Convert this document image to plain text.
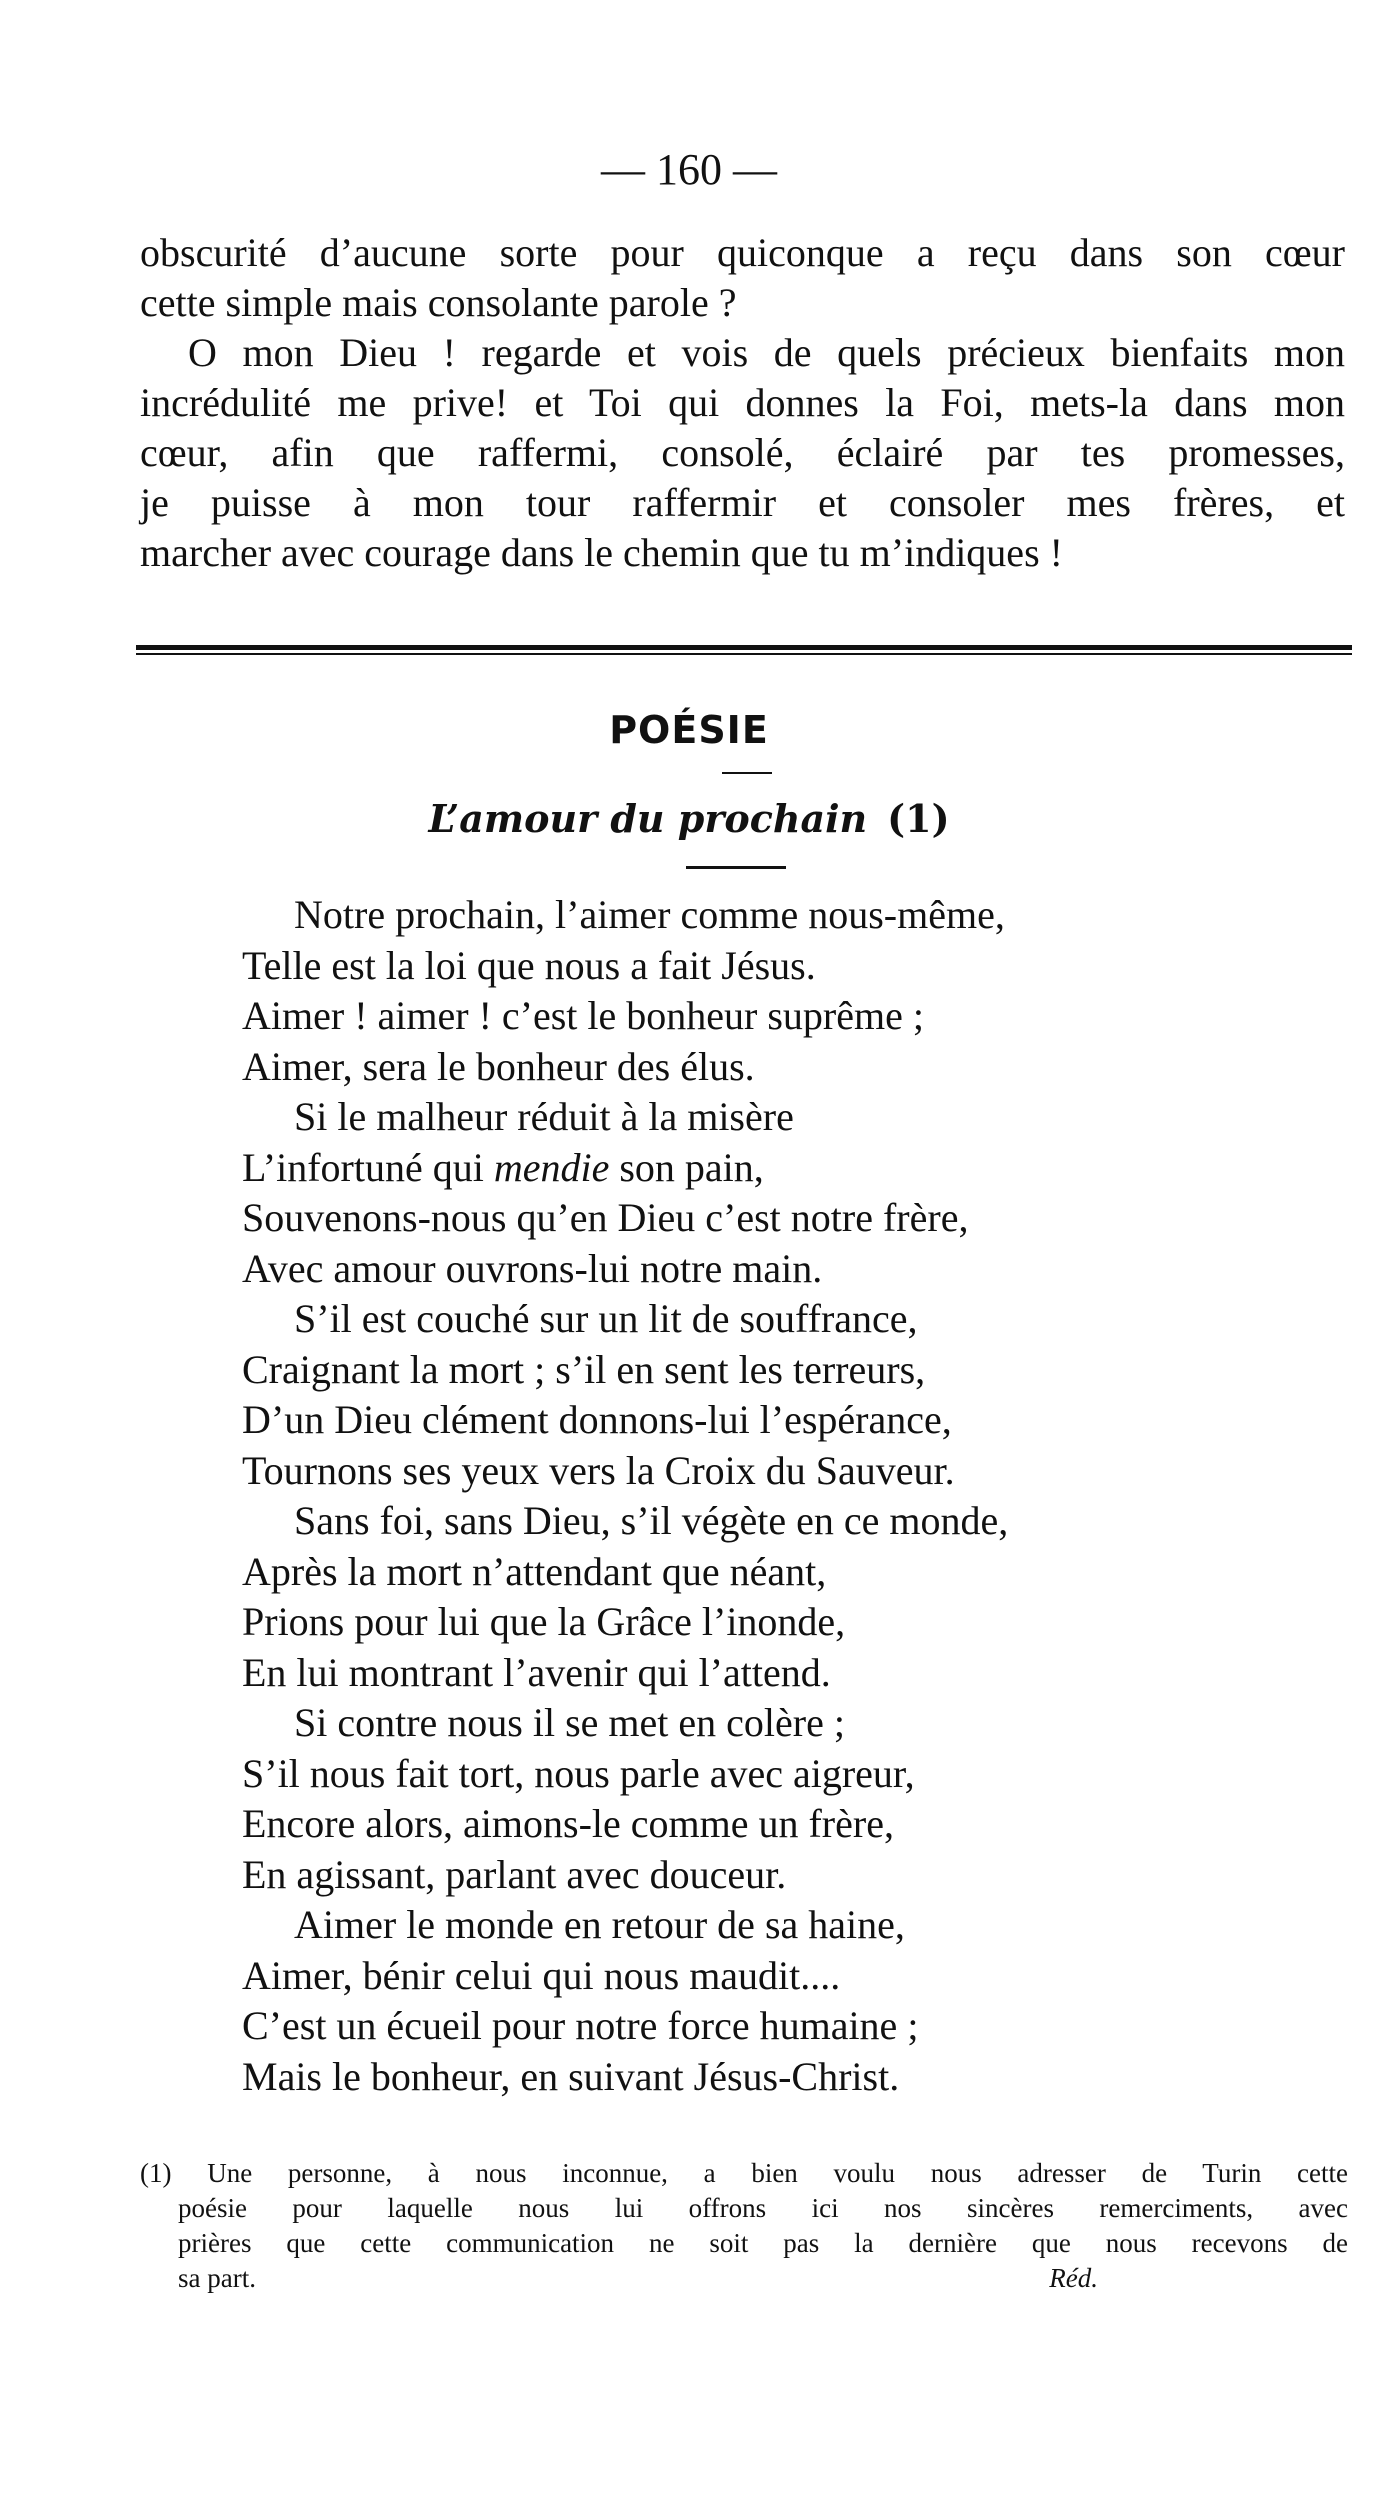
— 160 —

obscurité d’aucune sorte pour quiconque a reçu dans son cœur
cette simple mais consolante parole ?

O mon Dieu ! regarde et vois de quels précieux bienfaits mon
incrédulité me prive! et Toi qui donnes la Foi, mets-la dans mon
cœur, afin que raffermi, consolé, éclairé par tes promesses,
je puisse à mon tour raffermir et consoler mes frères, et
marcher avec courage dans le chemin que tu m’indiques !

POÉSIE
L’amour du prochain (1)
Notre prochain, l’aimer comme nous-même,
Telle est la loi que nous a fait Jésus.
Aimer ! aimer ! c’est le bonheur suprême ;
Aimer, sera le bonheur des élus.
Si le malheur réduit à la misère
L’infortuné qui mendie son pain,
Souvenons-nous qu’en Dieu c’est notre frère,
Avec amour ouvrons-lui notre main.
S’il est couché sur un lit de souffrance,
Craignant la mort ; s’il en sent les terreurs,
D’un Dieu clément donnons-lui l’espérance,
Tournons ses yeux vers la Croix du Sauveur.
Sans foi, sans Dieu, s’il végète en ce monde,
Après la mort n’attendant que néant,
Prions pour lui que la Grâce l’inonde,
En lui montrant l’avenir qui l’attend.
Si contre nous il se met en colère ;
S’il nous fait tort, nous parle avec aigreur,
Encore alors, aimons-le comme un frère,
En agissant, parlant avec douceur.
Aimer le monde en retour de sa haine,
Aimer, bénir celui qui nous maudit....
C’est un écueil pour notre force humaine ;
Mais le bonheur, en suivant Jésus-Christ.
(1) Une personne, à nous inconnue, a bien voulu nous adresser de Turin cette
poésie pour laquelle nous lui offrons ici nos sincères remerciments, avec
prières que cette communication ne soit pas la dernière que nous recevons de
sa part.	Réd.
